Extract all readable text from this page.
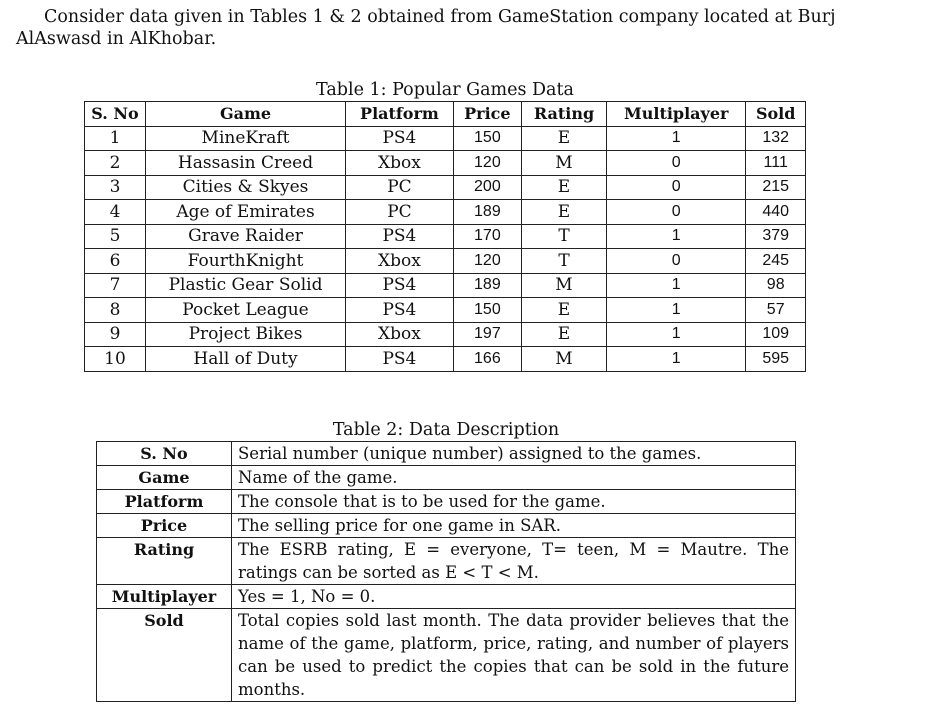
Consider data given in Tables 1 & 2 obtained from GameStation company located at Burj AlAswasd in AlKhobar.

Table 1: Popular Games Data
S. No	Game	Platform	Price	Rating	Multiplayer	Sold
1	MineKraft	PS4	150	E	1	132
2	Hassasin Creed	Xbox	120	M	0	111
3	Cities & Skyes	PC	200	E	0	215
4	Age of Emirates	PC	189	E	0	440
5	Grave Raider	PS4	170	T	1	379
6	FourthKnight	Xbox	120	T	0	245
7	Plastic Gear Solid	PS4	189	M	1	98
8	Pocket League	PS4	150	E	1	57
9	Project Bikes	Xbox	197	E	1	109
10	Hall of Duty	PS4	166	M	1	595
Table 2: Data Description
S. No	Serial number (unique number) assigned to the games.
Game	Name of the game.
Platform	The console that is to be used for the game.
Price	The selling price for one game in SAR.
Rating	The ESRB rating, E = everyone, T= teen, M = Mautre. The ratings can be sorted as E < T < M.
Multiplayer	Yes = 1, No = 0.
Sold	Total copies sold last month. The data provider believes that the name of the game, platform, price, rating, and number of players can be used to predict the copies that can be sold in the future months.
